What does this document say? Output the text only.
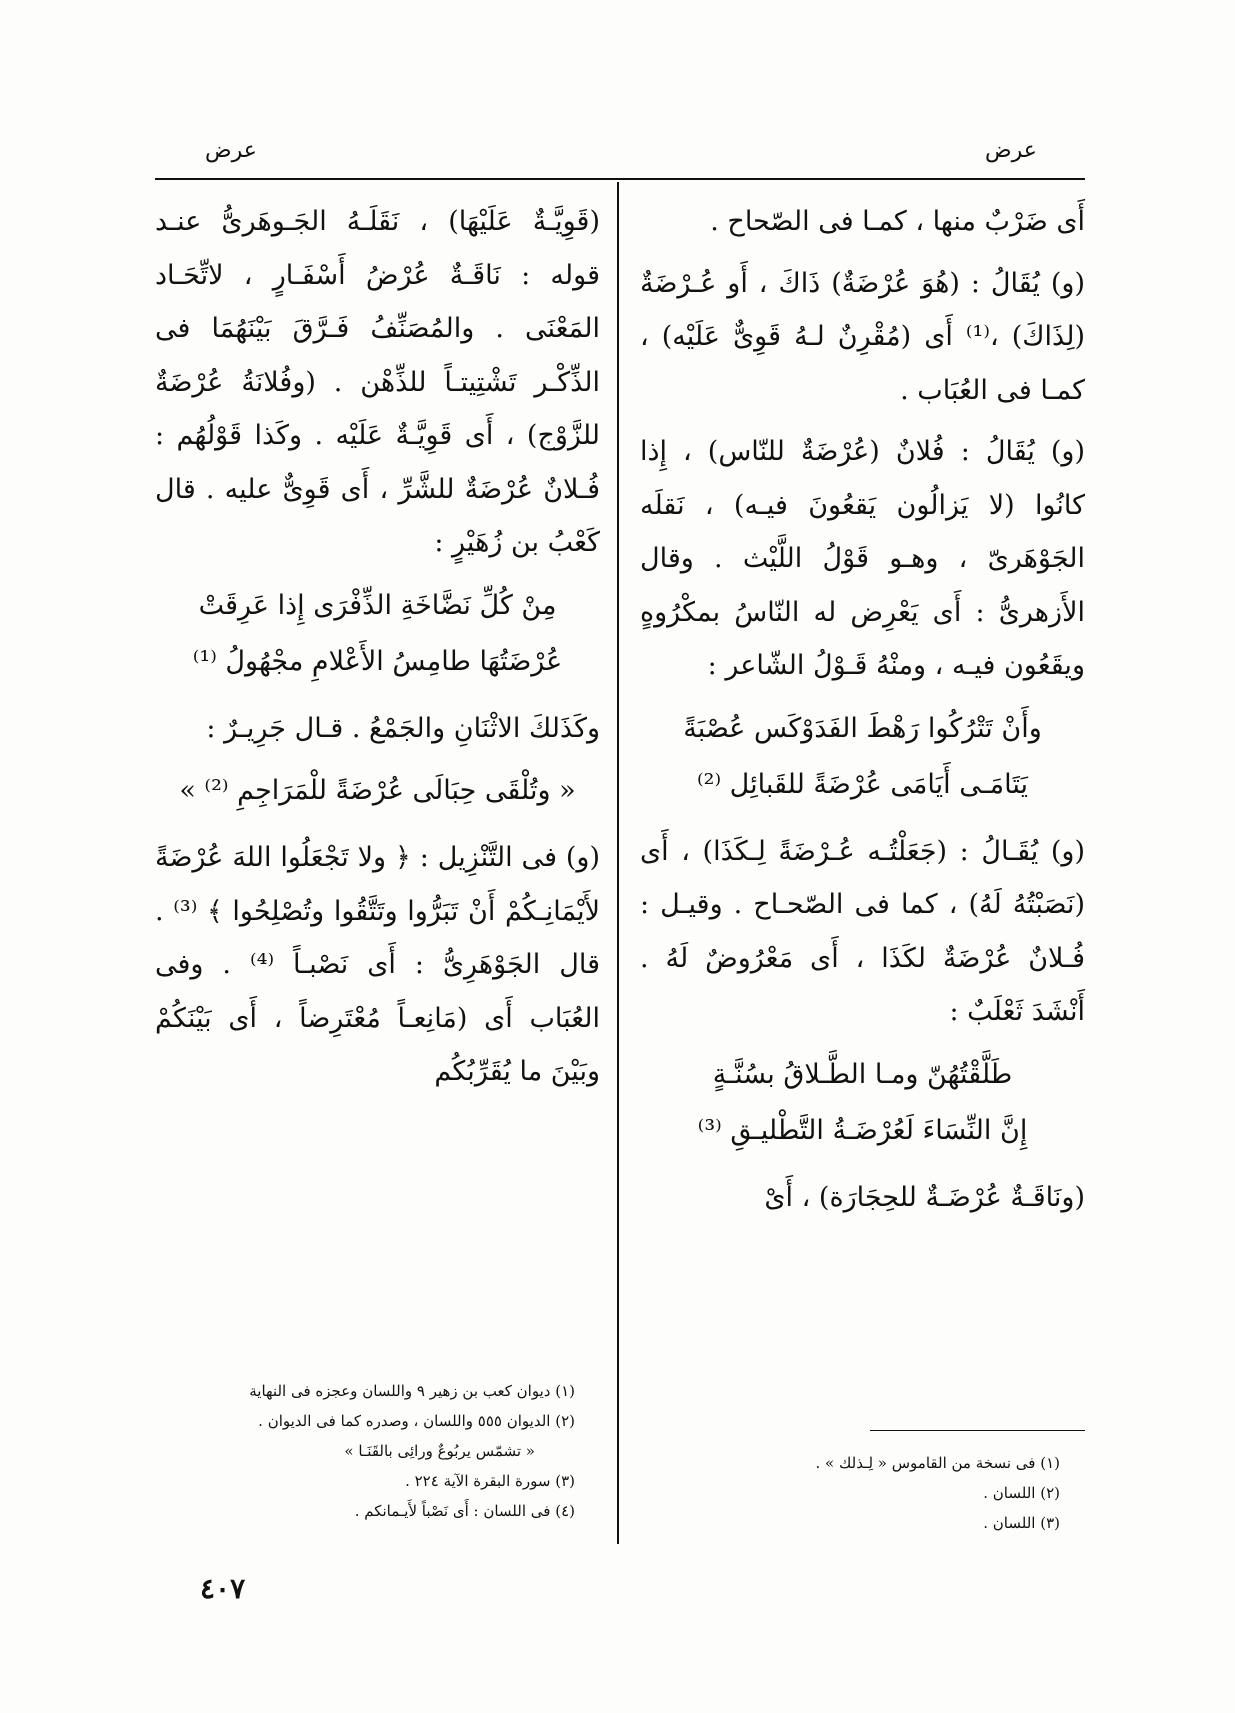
عرض
عرض

أَى ضَرْبٌ منها ، كمـا فى الصّحاح .

(و) يُقَالُ : (هُوَ عُرْضَةٌ) ذَاكَ ، أَو عُـرْضَةٌ (لِذَاكَ) ،⁽¹⁾ أَى (مُقْرِنٌ لـهُ قَوِىٌّ عَلَيْه) ، كمـا فى العُبَاب .

(و) يُقَالُ : فُلانٌ (عُرْضَةٌ للنّاس) ، إِذا كانُوا (لا يَزالُون يَقعُونَ فيـه) ، نَقلَه الجَوْهَرىّ ، وهـو قَوْلُ اللَّيْث . وقال الأَزهرىُّ : أَى يَعْرِض له النّاسُ بمكْرُوهٍ ويقَعُون فيـه ، ومنْهُ قَـوْلُ الشّاعر :

وأَنْ تَتْرُكُوا رَهْطَ الفَدَوْكَس عُصْبَةً
يَتَامَـى أَيَامَى عُرْضَةً للقَبائِل ⁽²⁾

(و) يُقَـالُ : (جَعَلْتُـه عُـرْضَةً لِـكَذَا) ، أَى (نَصَبْتُهُ لَهُ) ، كما فى الصّحـاح . وقيـل : فُـلانٌ عُرْضَةٌ لكَذَا ، أَى مَعْرُوضٌ لَهُ . أَنْشَدَ ثَعْلَبٌ :

طَلَّقْتُهُنّ ومـا الطَّـلاقُ بسُنَّـةٍ
إِنَّ النِّسَاءَ لَعُرْضَـةُ التَّطْليـقِ ⁽³⁾

(ونَاقَـةٌ عُرْضَـةٌ للحِجَارَة) ، أَىْ

(قَوِيَّـةٌ عَلَيْهَا) ، نَقَلَـهُ الجَـوهَرىُّ عنـد قوله : نَاقَـةٌ عُرْضُ أَسْفَـارٍ ، لاتِّحَـاد المَعْنَى . والمُصَنِّفُ فَـرَّقَ بَيْنَهُمَا فى الذِّكْـر تَشْتِيتـاً للذِّهْن . (وفُلانَةُ عُرْضَةٌ للزَّوْج) ، أَى قَوِيَّـةٌ عَلَيْه . وكَذا قَوْلُهُم : فُـلانٌ عُرْضَةٌ للشَّرِّ ، أَى قَوِىٌّ عليه . قال كَعْبُ بن زُهَيْرٍ :

مِنْ كُلِّ نَضَّاخَةِ الذِّفْرَى إِذا عَرِقَتْ
عُرْضَتُهَا طامِسُ الأَعْلامِ مجْهُولُ ⁽¹⁾

وكَذَلكَ الاثْنَانِ والجَمْعُ . قـال جَرِيـرٌ :

« وتُلْقَى حِبَالَى عُرْضَةً للْمَرَاجِمِ ⁽²⁾ »

(و) فى التَّنْزِيل : ﴿ ولا تَجْعَلُوا اللهَ عُرْضَةً لأَيْمَانِـكُمْ أَنْ تَبَرُّوا وتَتَّقُوا وتُصْلِحُوا ﴾ ⁽³⁾ . قال الجَوْهَرِىُّ : أَى نَصْبـاً ⁽⁴⁾ . وفى العُبَاب أَى (مَانِعـاً مُعْتَرِضاً ، أَى بَيْنَكُمْ وبَيْنَ ما يُقَرِّبُكُم

(١) فى نسخة من القاموس « لِـذلك » .
(٢) اللسان .
(٣) اللسان .
(١) ديوان كعب بن زهير ٩ واللسان وعجزه فى النهاية
(٢) الديوان ٥٥٥ واللسان ، وصدره كما فى الديوان .
« تشمّس يربُوعٌ ورائِى بالقَنَـا »
(٣) سورة البقرة الآية ٢٢٤ .
(٤) فى اللسان : أَى نَصْباً لأَيـمانكم .
٤٠٧
